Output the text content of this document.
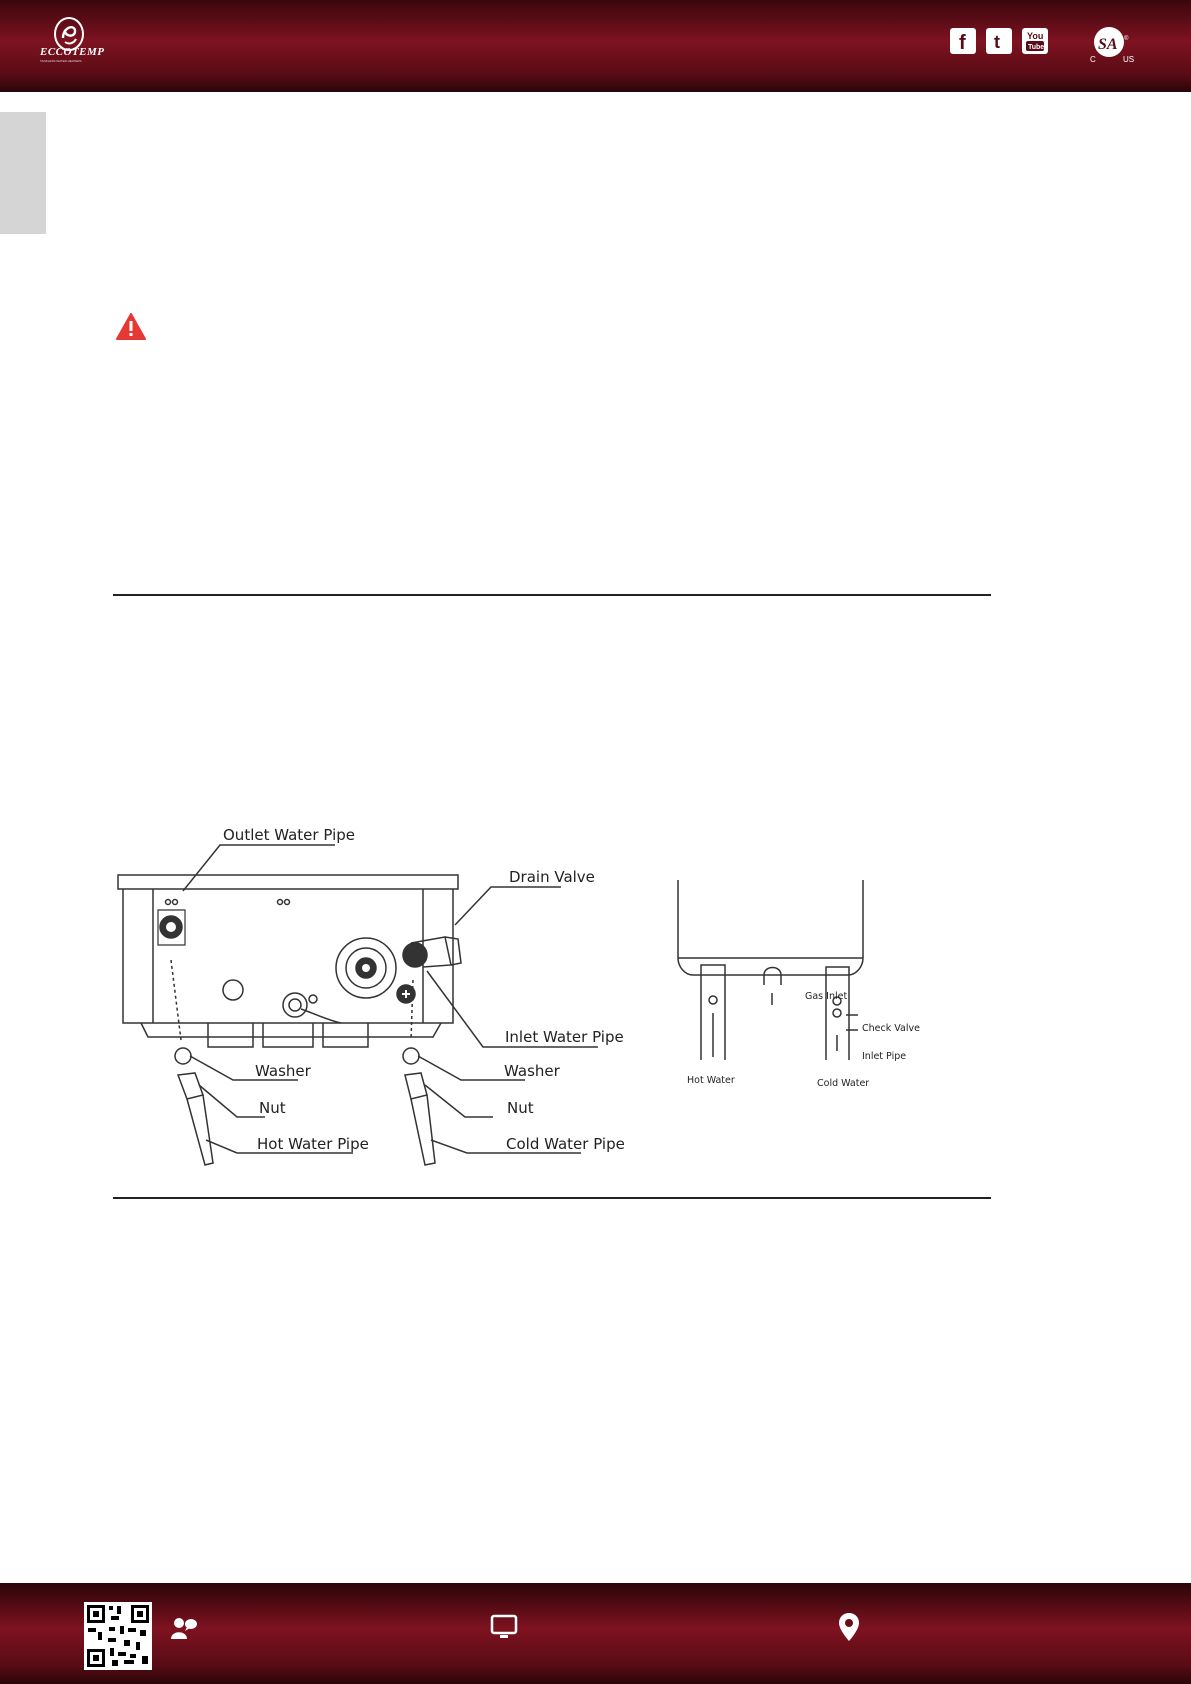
ECCOTEMP
TANKLESS WATER HEATERS
f t	You
Tube	SA
C	US
®
Outlet Water Pipe
Drain Valve
Inlet Water Pipe
Washer
Nut
Hot Water Pipe
Washer
Nut
Cold Water Pipe
Gas Inlet
Check Valve
Inlet Pipe
Hot Water	Cold Water
